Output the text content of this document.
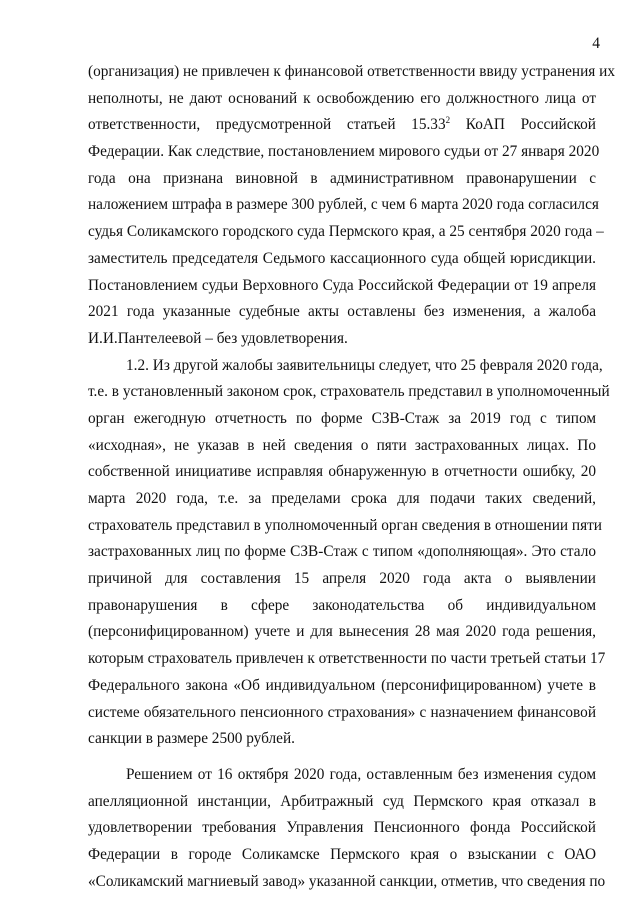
4
(организация) не привлечен к финансовой ответственности ввиду устранения их
неполноты, не дают оснований к освобождению его должностного лица от
ответственности, предусмотренной статьей 15.33$^2$ КоАП Российской
Федерации. Как следствие, постановлением мирового судьи от 27 января 2020
года она признана виновной в административном правонарушении с
наложением штрафа в размере 300 рублей, с чем 6 марта 2020 года согласился
судья Соликамского городского суда Пермского края, а 25 сентября 2020 года –
заместитель председателя Седьмого кассационного суда общей юрисдикции.
Постановлением судьи Верховного Суда Российской Федерации от 19 апреля
2021 года указанные судебные акты оставлены без изменения, а жалоба
И.И.Пантелеевой – без удовлетворения.
1.2. Из другой жалобы заявительницы следует, что 25 февраля 2020 года,
т.е. в установленный законом срок, страхователь представил в уполномоченный
орган ежегодную отчетность по форме СЗВ-Стаж за 2019 год с типом
«исходная», не указав в ней сведения о пяти застрахованных лицах. По
собственной инициативе исправляя обнаруженную в отчетности ошибку, 20
марта 2020 года, т.е. за пределами срока для подачи таких сведений,
страхователь представил в уполномоченный орган сведения в отношении пяти
застрахованных лиц по форме СЗВ-Стаж с типом «дополняющая». Это стало
причиной для составления 15 апреля 2020 года акта о выявлении
правонарушения в сфере законодательства об индивидуальном
(персонифицированном) учете и для вынесения 28 мая 2020 года решения,
которым страхователь привлечен к ответственности по части третьей статьи 17
Федерального закона «Об индивидуальном (персонифицированном) учете в
системе обязательного пенсионного страхования» с назначением финансовой
санкции в размере 2500 рублей.
Решением от 16 октября 2020 года, оставленным без изменения судом
апелляционной инстанции, Арбитражный суд Пермского края отказал в
удовлетворении требования Управления Пенсионного фонда Российской
Федерации в городе Соликамске Пермского края о взыскании с ОАО
«Соликамский магниевый завод» указанной санкции, отметив, что сведения по
